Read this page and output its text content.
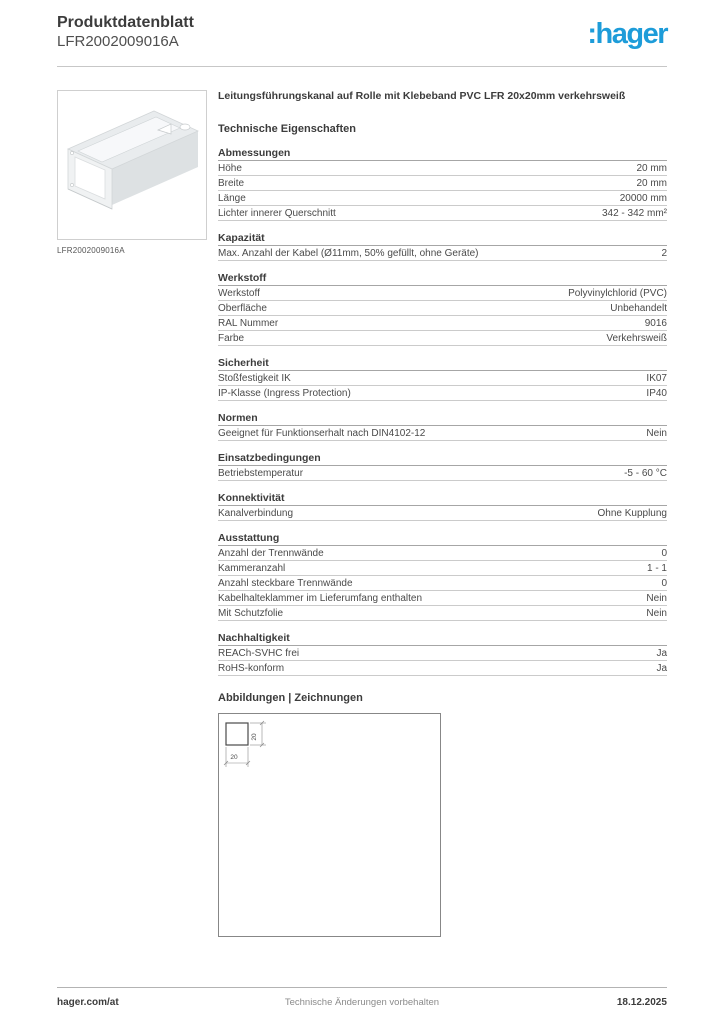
Produktdatenblatt
LFR2002009016A	:hager
LFR2002009016A
Leitungsführungskanal auf Rolle mit Klebeband PVC LFR 20x20mm verkehrsweiß
Technische Eigenschaften
Abmessungen
Höhe	20 mm
Breite	20 mm
Länge	20000 mm
Lichter innerer Querschnitt	342 - 342 mm²
Kapazität
Max. Anzahl der Kabel (Ø11mm, 50% gefüllt, ohne Geräte)	2
Werkstoff
Werkstoff	Polyvinylchlorid (PVC)
Oberfläche	Unbehandelt
RAL Nummer	9016
Farbe	Verkehrsweiß
Sicherheit
Stoßfestigkeit IK	IK07
IP-Klasse (Ingress Protection)	IP40
Normen
Geeignet für Funktionserhalt nach DIN4102-12	Nein
Einsatzbedingungen
Betriebstemperatur	-5 - 60 °C
Konnektivität
Kanalverbindung	Ohne Kupplung
Ausstattung
Anzahl der Trennwände	0
Kammeranzahl	1 - 1
Anzahl steckbare Trennwände	0
Kabelhalteklammer im Lieferumfang enthalten	Nein
Mit Schutzfolie	Nein
Nachhaltigkeit
REACh-SVHC frei	Ja
RoHS-konform	Ja
Abbildungen | Zeichnungen
20
20
hager.com/at	Technische Änderungen vorbehalten	18.12.2025
